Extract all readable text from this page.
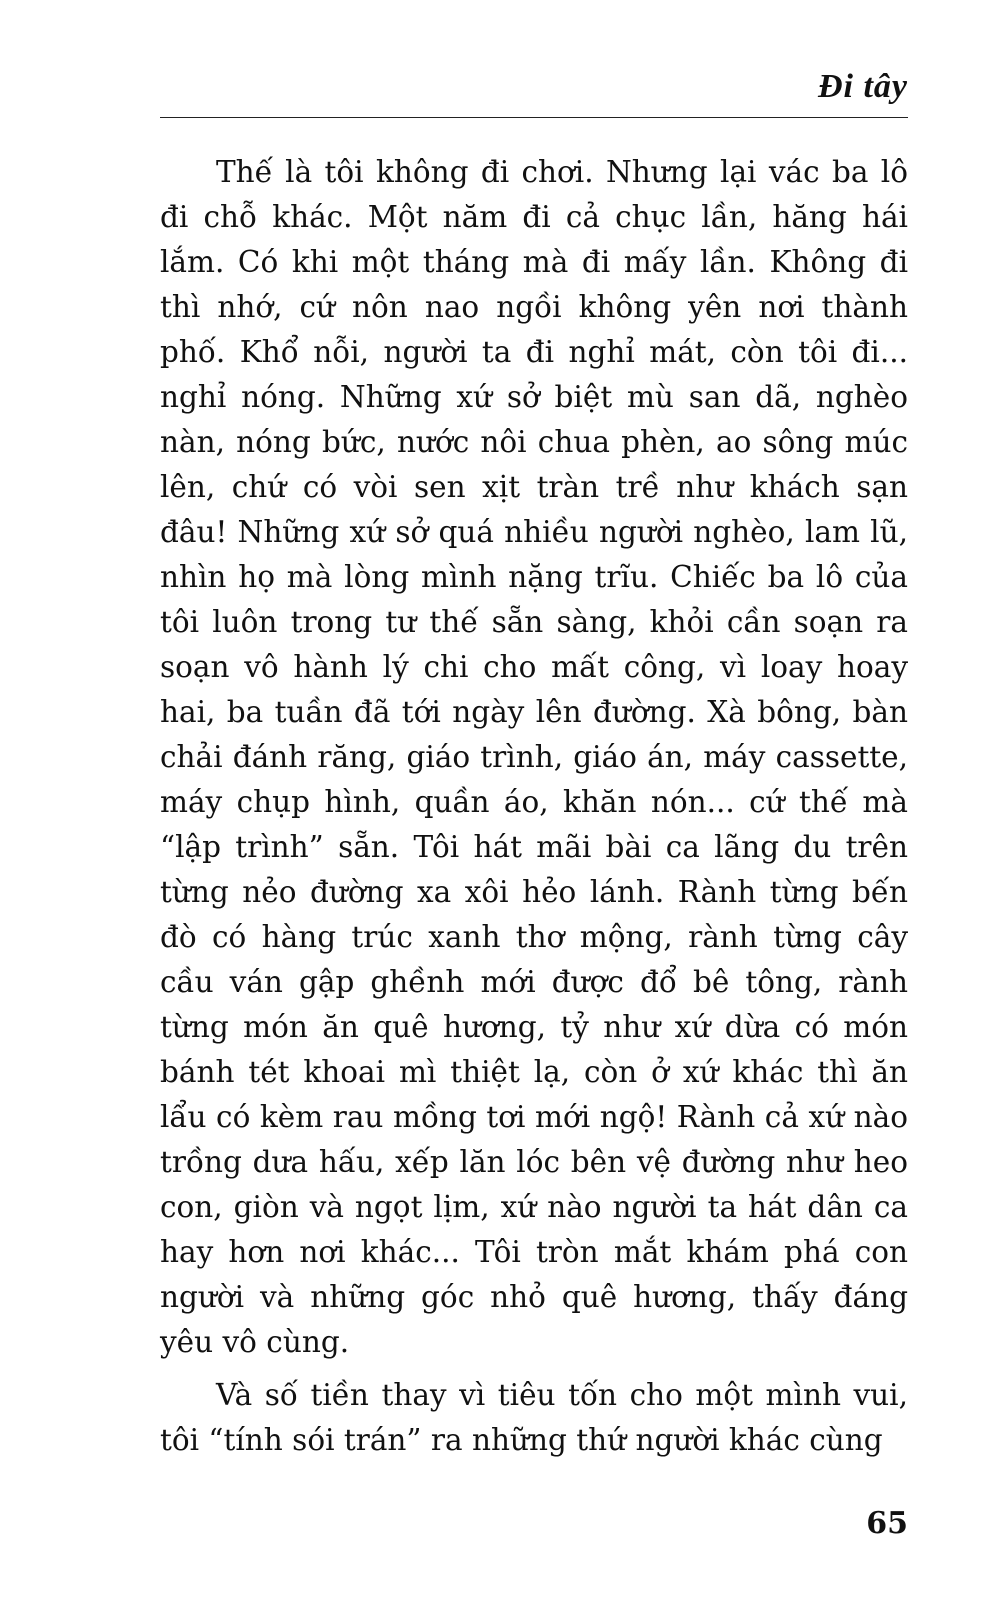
Đi tây

Thế là tôi không đi chơi. Nhưng lại vác ba lô đi chỗ khác. Một năm đi cả chục lần, hăng hái lắm. Có khi một tháng mà đi mấy lần. Không đi thì nhớ, cứ nôn nao ngồi không yên nơi thành phố. Khổ nỗi, người ta đi nghỉ mát, còn tôi đi... nghỉ nóng. Những xứ sở biệt mù san dã, nghèo nàn, nóng bức, nước nôi chua phèn, ao sông múc lên, chứ có vòi sen xịt tràn trề như khách sạn đâu! Những xứ sở quá nhiều người nghèo, lam lũ, nhìn họ mà lòng mình nặng trĩu. Chiếc ba lô của tôi luôn trong tư thế sẵn sàng, khỏi cần soạn ra soạn vô hành lý chi cho mất công, vì loay hoay hai, ba tuần đã tới ngày lên đường. Xà bông, bàn chải đánh răng, giáo trình, giáo án, máy cassette, máy chụp hình, quần áo, khăn nón... cứ thế mà “lập trình” sẵn. Tôi hát mãi bài ca lãng du trên từng nẻo đường xa xôi hẻo lánh. Rành từng bến đò có hàng trúc xanh thơ mộng, rành từng cây cầu ván gập ghềnh mới được đổ bê tông, rành từng món ăn quê hương, tỷ như xứ dừa có món bánh tét khoai mì thiệt lạ, còn ở xứ khác thì ăn lẩu có kèm rau mồng tơi mới ngộ! Rành cả xứ nào trồng dưa hấu, xếp lăn lóc bên vệ đường như heo con, giòn và ngọt lịm, xứ nào người ta hát dân ca hay hơn nơi khác... Tôi tròn mắt khám phá con người và những góc nhỏ quê hương, thấy đáng yêu vô cùng.

Và số tiền thay vì tiêu tốn cho một mình vui, tôi “tính sói trán” ra những thứ người khác cùng

65
